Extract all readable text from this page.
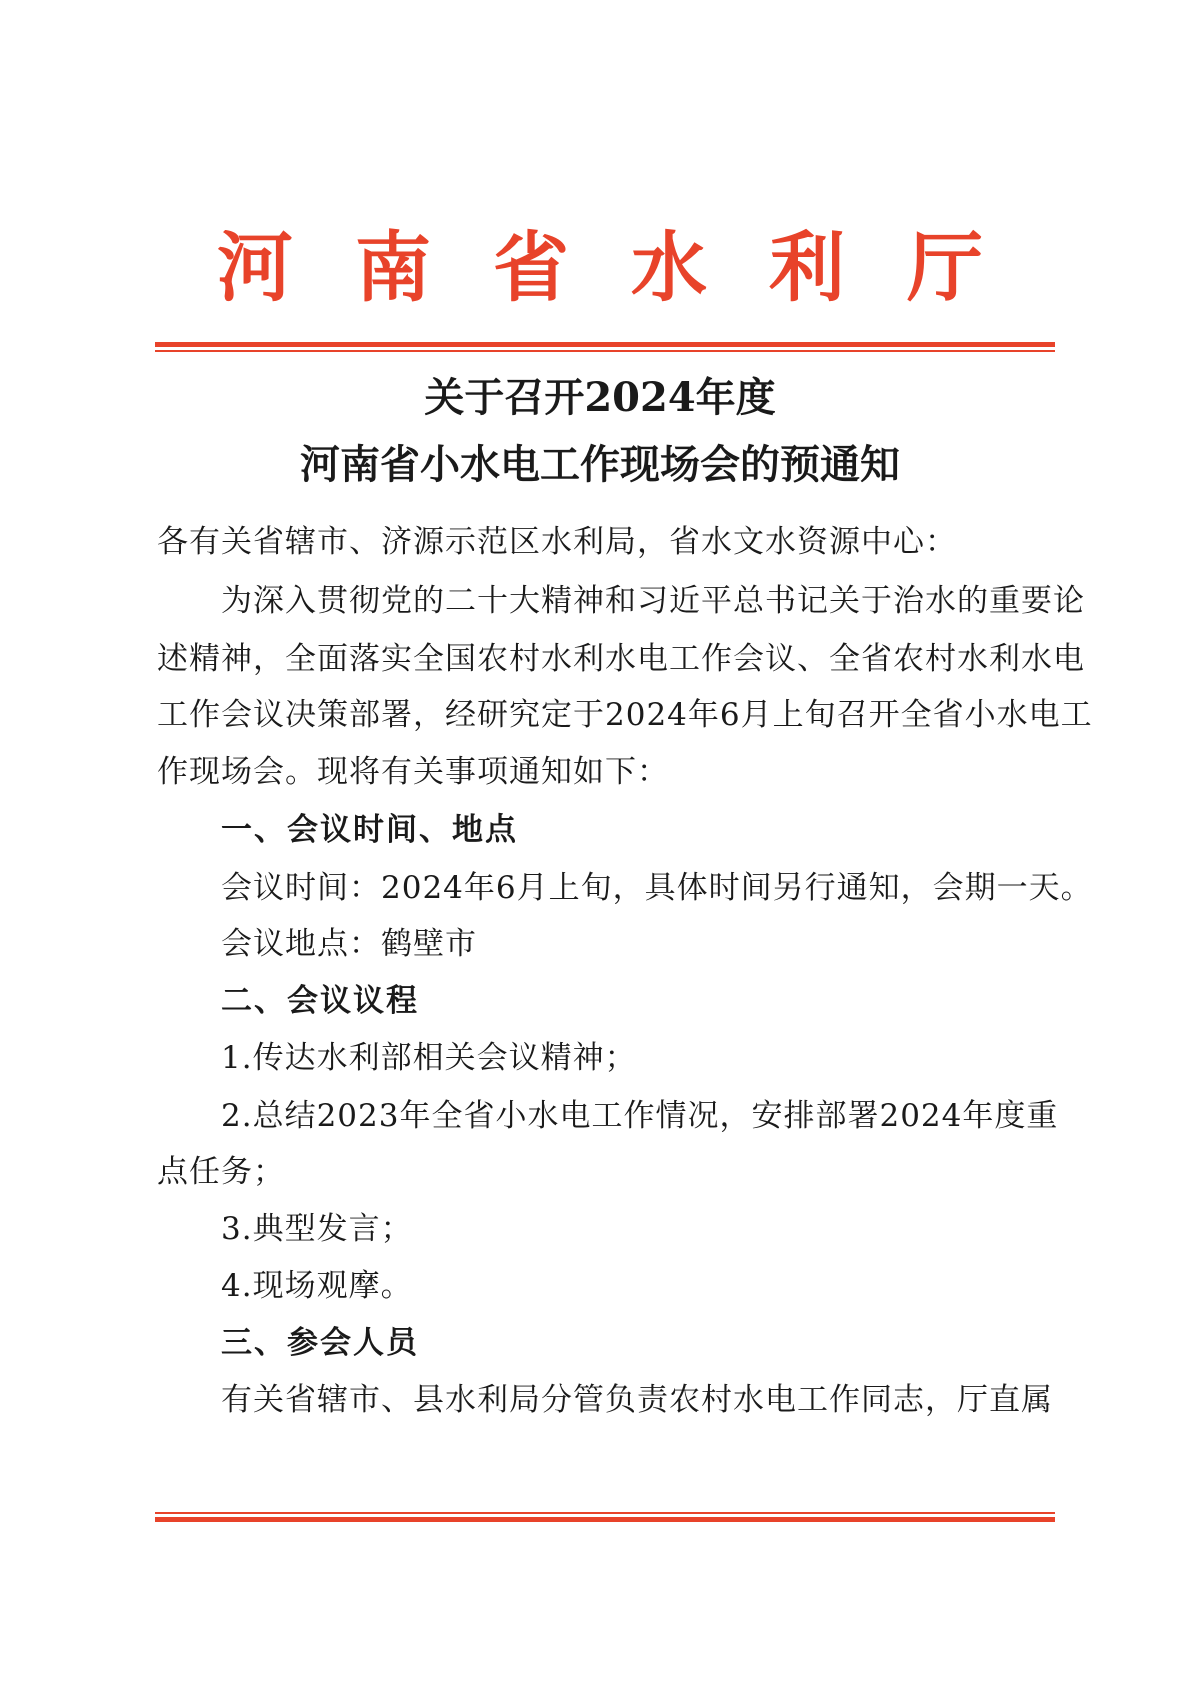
河南省水利厅
关于召开2024年度
河南省小水电工作现场会的预通知
各有关省辖市、济源示范区水利局，省水文水资源中心：
为深入贯彻党的二十大精神和习近平总书记关于治水的重要论
述精神，全面落实全国农村水利水电工作会议、全省农村水利水电
工作会议决策部署，经研究定于2024年6月上旬召开全省小水电工
作现场会。现将有关事项通知如下：
一、会议时间、地点
会议时间：2024年6月上旬，具体时间另行通知，会期一天。
会议地点：鹤壁市
二、会议议程
1.传达水利部相关会议精神；
2.总结2023年全省小水电工作情况，安排部署2024年度重
点任务；
3.典型发言；
4.现场观摩。
三、参会人员
有关省辖市、县水利局分管负责农村水电工作同志，厅直属
